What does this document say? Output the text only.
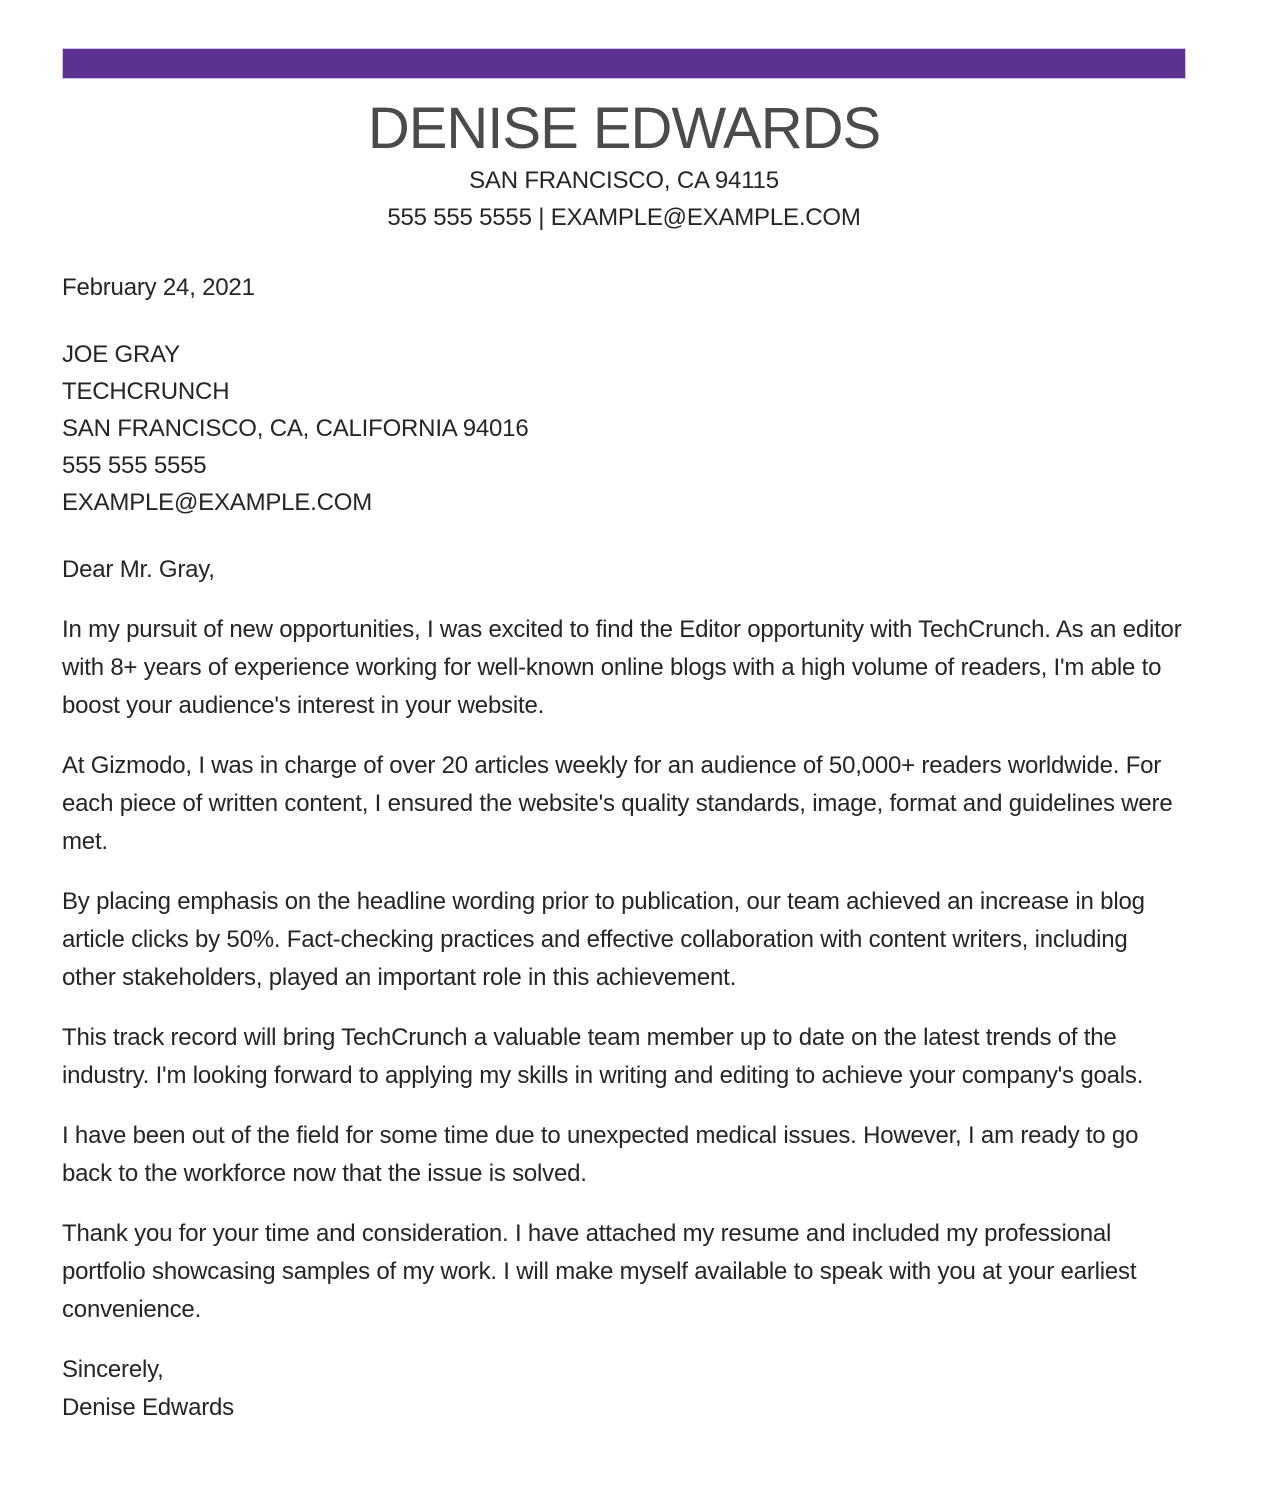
DENISE EDWARDS
SAN FRANCISCO, CA 94115
555 555 5555 | EXAMPLE@EXAMPLE.COM
February 24, 2021
JOE GRAY
TECHCRUNCH
SAN FRANCISCO, CA, CALIFORNIA 94016
555 555 5555
EXAMPLE@EXAMPLE.COM
Dear Mr. Gray,
In my pursuit of new opportunities, I was excited to find the Editor opportunity with TechCrunch. As an editor with 8+ years of experience working for well-known online blogs with a high volume of readers, I'm able to boost your audience's interest in your website.
At Gizmodo, I was in charge of over 20 articles weekly for an audience of 50,000+ readers worldwide. For each piece of written content, I ensured the website's quality standards, image, format and guidelines were met.
By placing emphasis on the headline wording prior to publication, our team achieved an increase in blog article clicks by 50%. Fact-checking practices and effective collaboration with content writers, including other stakeholders, played an important role in this achievement.
This track record will bring TechCrunch a valuable team member up to date on the latest trends of the industry. I'm looking forward to applying my skills in writing and editing to achieve your company's goals.
I have been out of the field for some time due to unexpected medical issues. However, I am ready to go back to the workforce now that the issue is solved.
Thank you for your time and consideration. I have attached my resume and included my professional portfolio showcasing samples of my work. I will make myself available to speak with you at your earliest convenience.
Sincerely,
Denise Edwards
